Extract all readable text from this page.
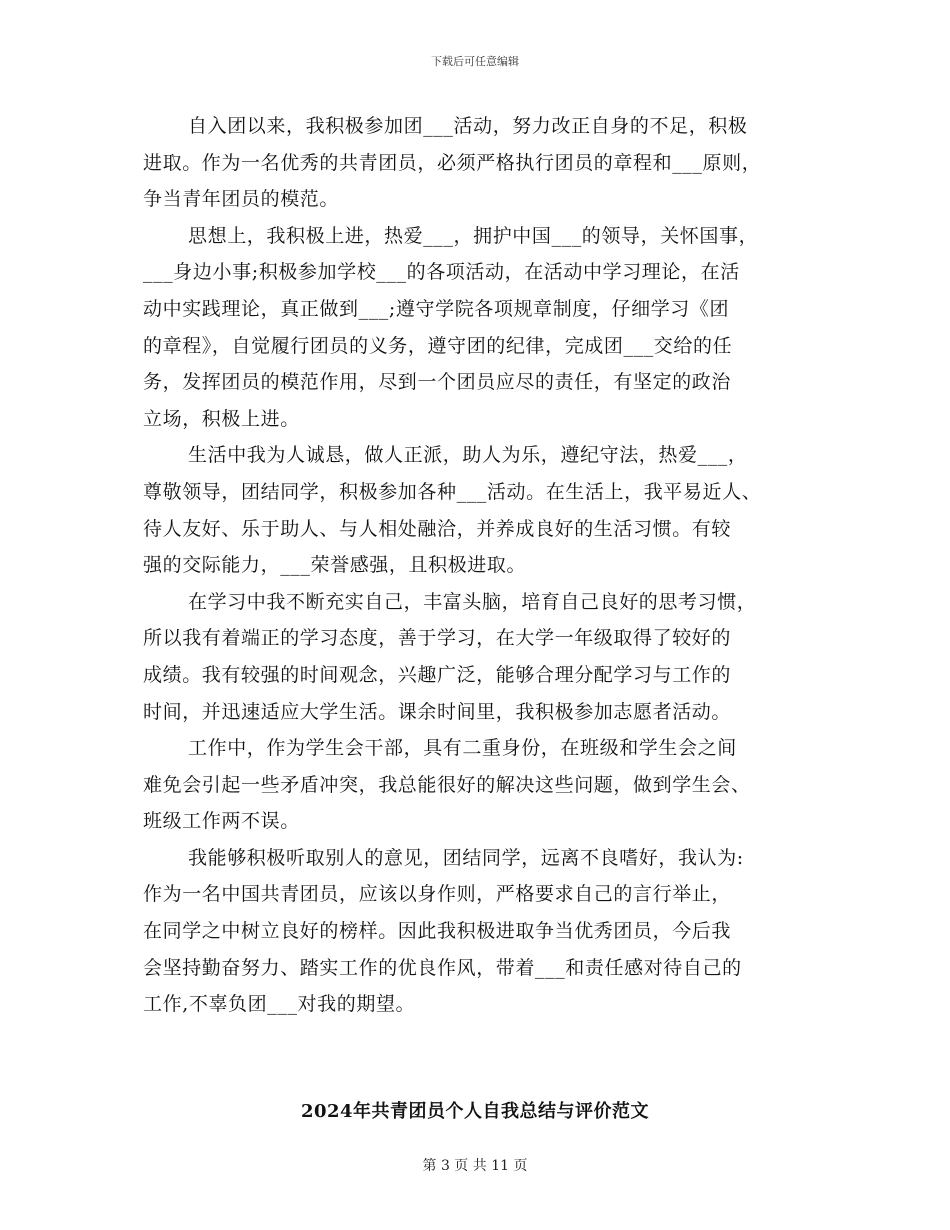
下载后可任意编辑
自入团以来，我积极参加团___活动，努力改正自身的不足，积极
进取。作为一名优秀的共青团员，必须严格执行团员的章程和___原则，
争当青年团员的模范。
思想上，我积极上进，热爱___，拥护中国___的领导，关怀国事，
___身边小事;积极参加学校___的各项活动，在活动中学习理论，在活
动中实践理论，真正做到___;遵守学院各项规章制度，仔细学习《团
的章程》，自觉履行团员的义务，遵守团的纪律，完成团___交给的任
务，发挥团员的模范作用，尽到一个团员应尽的责任，有坚定的政治
立场，积极上进。
生活中我为人诚恳，做人正派，助人为乐，遵纪守法，热爱___，
尊敬领导，团结同学，积极参加各种___活动。在生活上，我平易近人、
待人友好、乐于助人、与人相处融洽，并养成良好的生活习惯。有较
强的交际能力，___荣誉感强，且积极进取。
在学习中我不断充实自己，丰富头脑，培育自己良好的思考习惯，
所以我有着端正的学习态度，善于学习，在大学一年级取得了较好的
成绩。我有较强的时间观念，兴趣广泛，能够合理分配学习与工作的
时间，并迅速适应大学生活。课余时间里，我积极参加志愿者活动。
工作中，作为学生会干部，具有二重身份，在班级和学生会之间
难免会引起一些矛盾冲突，我总能很好的解决这些问题，做到学生会、
班级工作两不误。
我能够积极听取别人的意见，团结同学，远离不良嗜好，我认为:
作为一名中国共青团员，应该以身作则，严格要求自己的言行举止，
在同学之中树立良好的榜样。因此我积极进取争当优秀团员，今后我
会坚持勤奋努力、踏实工作的优良作风，带着___和责任感对待自己的
工作,不辜负团___对我的期望。
2024年共青团员个人自我总结与评价范文
第 3 页 共 11 页
